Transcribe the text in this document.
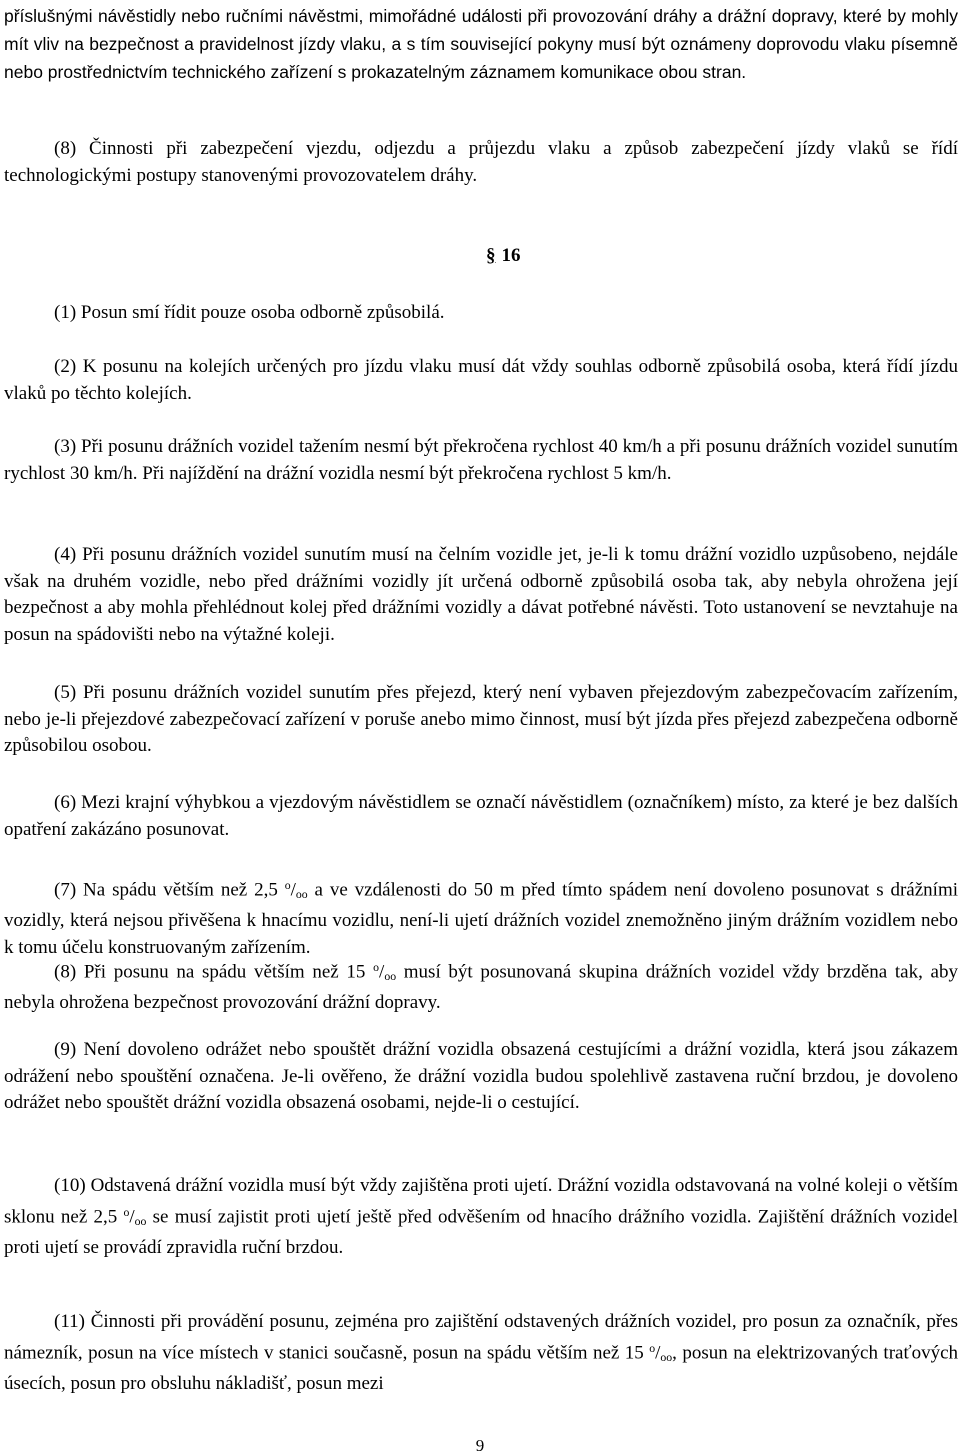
příslušnými návěstidly nebo ručními návěstmi, mimořádné události při provozování dráhy a drážní dopravy, které by mohly mít vliv na bezpečnost a pravidelnost jízdy vlaku, a s tím související pokyny musí být oznámeny doprovodu vlaku písemně nebo prostřednictvím technického zařízení s prokazatelným záznamem komunikace obou stran.

(8) Činnosti při zabezpečení vjezdu, odjezdu a průjezdu vlaku a způsob zabezpečení jízdy vlaků se řídí technologickými postupy stanovenými provozovatelem dráhy.

§ 16

(1) Posun smí řídit pouze osoba odborně způsobilá.

(2) K posunu na kolejích určených pro jízdu vlaku musí dát vždy souhlas odborně způsobilá osoba, která řídí jízdu vlaků po těchto kolejích.

(3) Při posunu drážních vozidel tažením nesmí být překročena rychlost 40 km/h a při posunu drážních vozidel sunutím rychlost 30 km/h. Při najíždění na drážní vozidla nesmí být překročena rychlost 5 km/h.

(4) Při posunu drážních vozidel sunutím musí na čelním vozidle jet, je-li k tomu drážní vozidlo uzpůsobeno, nejdále však na druhém vozidle, nebo před drážními vozidly jít určená odborně způsobilá osoba tak, aby nebyla ohrožena její bezpečnost a aby mohla přehlédnout kolej před drážními vozidly a dávat potřebné návěsti. Toto ustanovení se nevztahuje na posun na spádovišti nebo na výtažné koleji.

(5) Při posunu drážních vozidel sunutím přes přejezd, který není vybaven přejezdovým zabezpečovacím zařízením, nebo je-li přejezdové zabezpečovací zařízení v poruše anebo mimo činnost, musí být jízda přes přejezd zabezpečena odborně způsobilou osobou.

(6) Mezi krajní výhybkou a vjezdovým návěstidlem se označí návěstidlem (označníkem) místo, za které je bez dalších opatření zakázáno posunovat.

(7) Na spádu větším než 2,5 $^o/_{oo}$ a ve vzdálenosti do 50 m před tímto spádem není dovoleno posunovat s drážními vozidly, která nejsou přivěšena k hnacímu vozidlu, není-li ujetí drážních vozidel znemožněno jiným drážním vozidlem nebo k tomu účelu konstruovaným zařízením.

(8) Při posunu na spádu větším než 15 $^o/_{oo}$ musí být posunovaná skupina drážních vozidel vždy brzděna tak, aby nebyla ohrožena bezpečnost provozování drážní dopravy.

(9) Není dovoleno odrážet nebo spouštět drážní vozidla obsazená cestujícími a drážní vozidla, která jsou zákazem odrážení nebo spouštění označena. Je-li ověřeno, že drážní vozidla budou spolehlivě zastavena ruční brzdou, je dovoleno odrážet nebo spouštět drážní vozidla obsazená osobami, nejde-li o cestující.

(10) Odstavená drážní vozidla musí být vždy zajištěna proti ujetí. Drážní vozidla odstavovaná na volné koleji o větším sklonu než 2,5 $^o/_{oo}$ se musí zajistit proti ujetí ještě před odvěšením od hnacího drážního vozidla. Zajištění drážních vozidel proti ujetí se provádí zpravidla ruční brzdou.

(11) Činnosti při provádění posunu, zejména pro zajištění odstavených drážních vozidel, pro posun za označník, přes námezník, posun na více místech v stanici současně, posun na spádu větším než 15 $^o/_{oo}$, posun na elektrizovaných traťových úsecích, posun pro obsluhu nákladišť, posun mezi

9
